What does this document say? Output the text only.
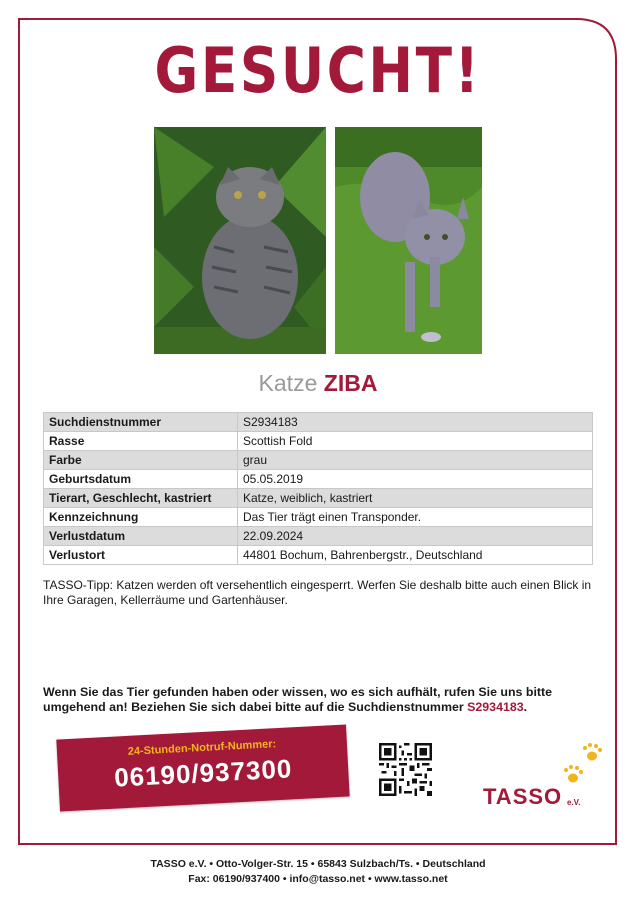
GESUCHT!
Katze ZIBA
Suchdienstnummer	S2934183
Rasse	Scottish Fold
Farbe	grau
Geburtsdatum	05.05.2019
Tierart, Geschlecht, kastriert	Katze, weiblich, kastriert
Kennzeichnung	Das Tier trägt einen Transponder.
Verlustdatum	22.09.2024
Verlustort	44801 Bochum, Bahrenbergstr., Deutschland
TASSO-Tipp: Katzen werden oft versehentlich eingesperrt. Werfen Sie deshalb bitte auch einen Blick in Ihre Garagen, Kellerräume und Gartenhäuser.
Wenn Sie das Tier gefunden haben oder wissen, wo es sich aufhält, rufen Sie uns bitte umgehend an! Beziehen Sie sich dabei bitte auf die Suchdienstnummer S2934183.
24-Stunden-Notruf-Nummer:
06190/937300
TASSO e.V.
TASSO e.V. • Otto-Volger-Str. 15 • 65843 Sulzbach/Ts. • Deutschland
Fax: 06190/937400 • info@tasso.net • www.tasso.net
